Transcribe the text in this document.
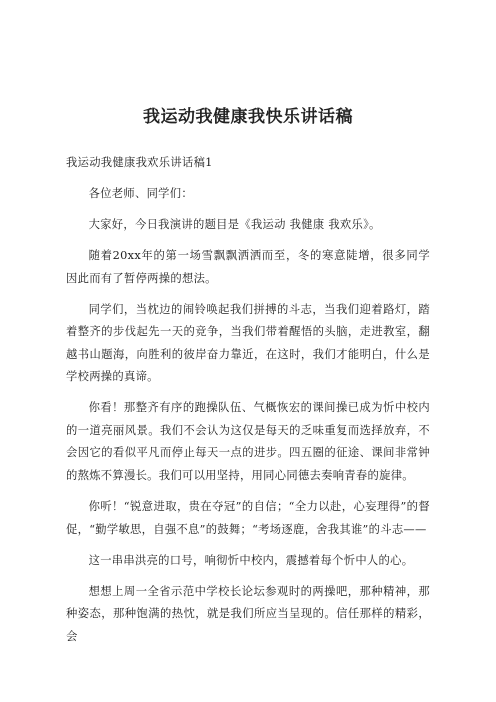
我运动我健康我快乐讲话稿

我运动我健康我欢乐讲话稿1

各位老师、同学们：

大家好，今日我演讲的题目是《我运动 我健康 我欢乐》。

随着20xx年的第一场雪飘飘洒洒而至，冬的寒意陡增，很多同学因此而有了暂停两操的想法。

同学们，当枕边的闹铃唤起我们拼搏的斗志，当我们迎着路灯，踏着整齐的步伐起先一天的竞争，当我们带着醒悟的头脑，走进教室，翻越书山题海，向胜利的彼岸奋力靠近，在这时，我们才能明白，什么是学校两操的真谛。

你看！那整齐有序的跑操队伍、气概恢宏的课间操已成为忻中校内的一道亮丽风景。我们不会认为这仅是每天的乏味重复而选择放弃，不会因它的看似平凡而停止每天一点的进步。四五圈的征途、课间非常钟的熬炼不算漫长。我们可以用坚持，用同心同德去奏响青春的旋律。

你听！“锐意进取，贵在夺冠”的自信；“全力以赴，心妄理得”的督促，“勤学敏思，自强不息”的鼓舞；“考场逐鹿，舍我其谁”的斗志——

这一串串洪亮的口号，响彻忻中校内，震撼着每个忻中人的心。

想想上周一全省示范中学校长论坛参观时的两操吧，那种精神，那种姿态，那种饱满的热忱，就是我们所应当呈现的。信任那样的精彩，会
